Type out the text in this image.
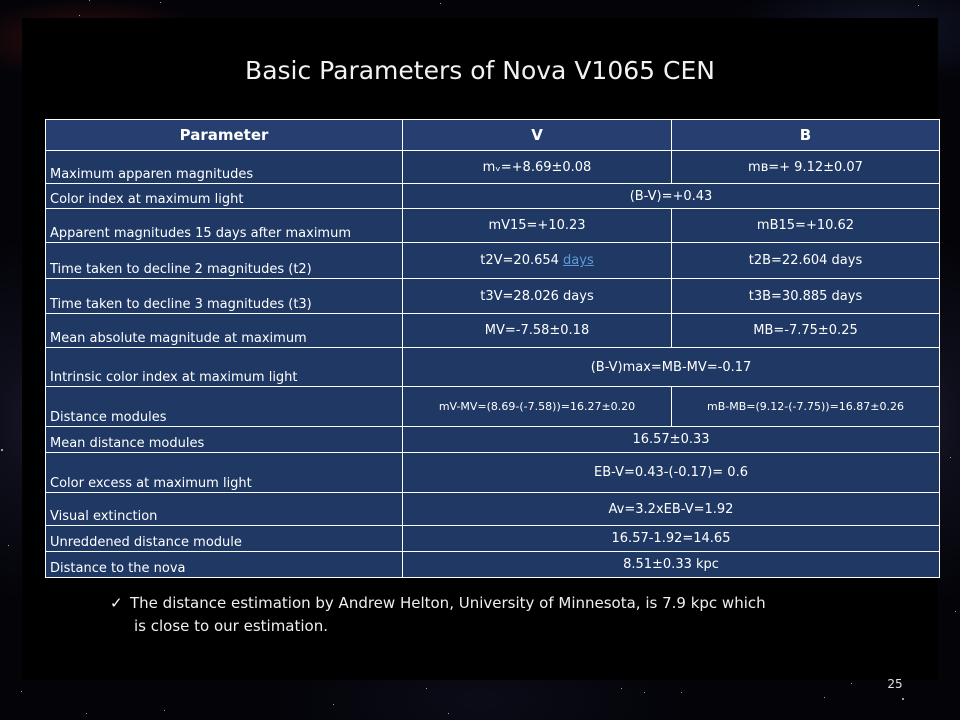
Basic Parameters of Nova V1065 CEN
Parameter	V	B
Maximum apparen magnitudes	mᵥ=+8.69±0.08	mʙ=+ 9.12±0.07
Color index at maximum light	(B-V)=+0.43	
Apparent magnitudes 15 days after maximum	mV15=+10.23	mB15=+10.62
Time taken to decline 2 magnitudes (t2)	t2V=20.654 days	t2B=22.604 days
Time taken to decline 3 magnitudes (t3)	t3V=28.026 days	t3B=30.885 days
Mean absolute magnitude at maximum	MV=-7.58±0.18	MB=-7.75±0.25
Intrinsic color index at maximum light	(B-V)max=MB-MV=-0.17	
Distance modules	mV-MV=(8.69-(-7.58))=16.27±0.20	mB-MB=(9.12-(-7.75))=16.87±0.26
Mean distance modules	16.57±0.33	
Color excess at maximum light	EB-V=0.43-(-0.17)= 0.6	
Visual extinction	Av=3.2xEB-V=1.92	
Unreddened distance module	16.57-1.92=14.65	
Distance to the nova	8.51±0.33 kpc	
✓ The distance estimation by Andrew Helton, University of Minnesota, is 7.9 kpc which
is close to our estimation.
25
